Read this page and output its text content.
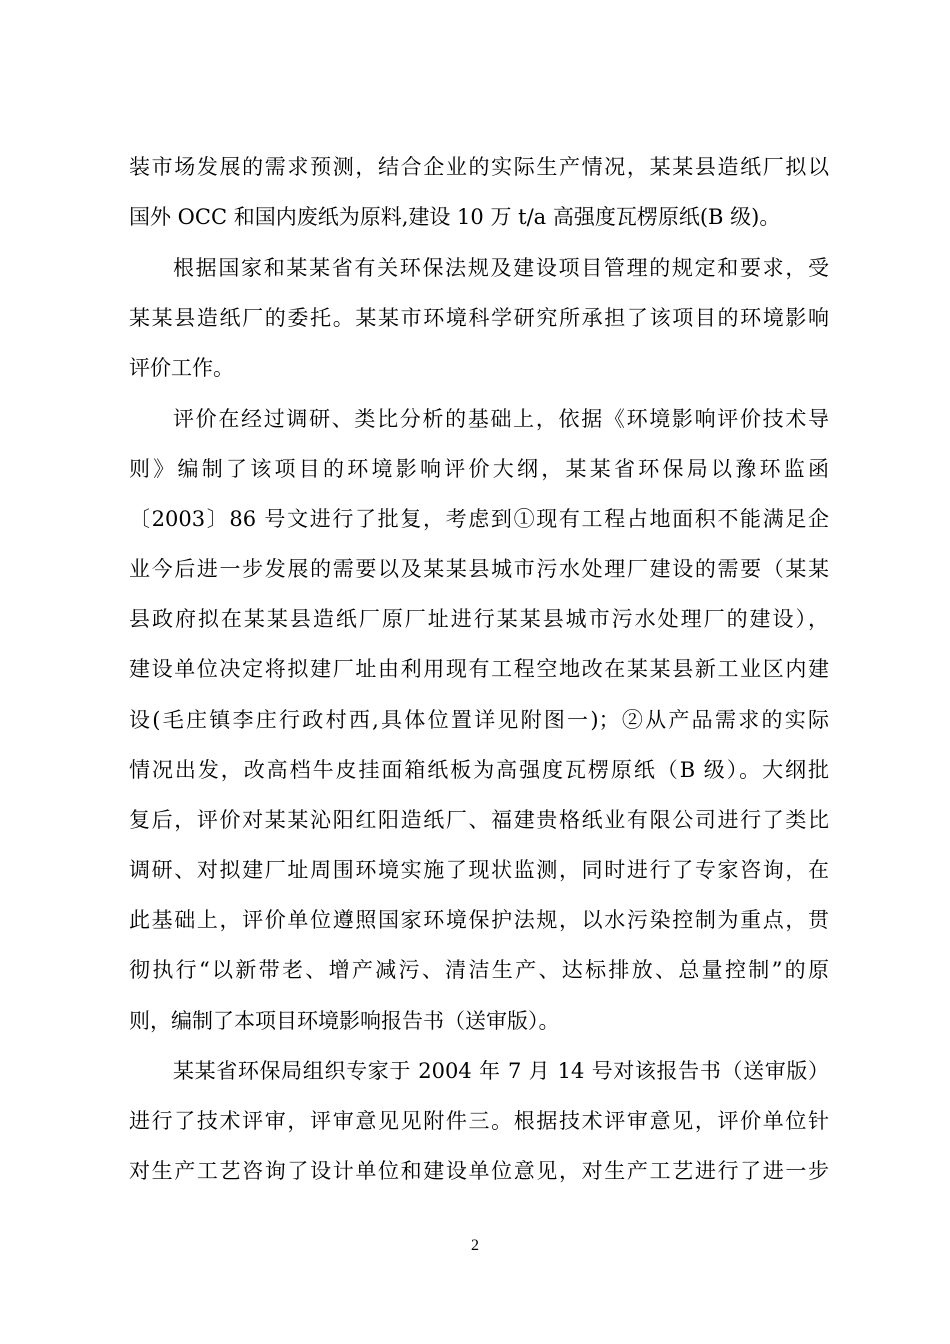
装市场发展的需求预测，结合企业的实际生产情况，某某县造纸厂拟以
国外 OCC 和国内废纸为原料,建设 10 万 t/a 高强度瓦楞原纸(B 级)。
根据国家和某某省有关环保法规及建设项目管理的规定和要求，受
某某县造纸厂的委托。某某市环境科学研究所承担了该项目的环境影响
评价工作。
评价在经过调研、类比分析的基础上，依据《环境影响评价技术导
则》编制了该项目的环境影响评价大纲，某某省环保局以豫环监函
〔2003〕86 号文进行了批复，考虑到①现有工程占地面积不能满足企
业今后进一步发展的需要以及某某县城市污水处理厂建设的需要（某某
县政府拟在某某县造纸厂原厂址进行某某县城市污水处理厂的建设），
建设单位决定将拟建厂址由利用现有工程空地改在某某县新工业区内建
设(毛庄镇李庄行政村西,具体位置详见附图一)；②从产品需求的实际
情况出发，改高档牛皮挂面箱纸板为高强度瓦楞原纸（B 级）。大纲批
复后，评价对某某沁阳红阳造纸厂、福建贵格纸业有限公司进行了类比
调研、对拟建厂址周围环境实施了现状监测，同时进行了专家咨询，在
此基础上，评价单位遵照国家环境保护法规，以水污染控制为重点，贯
彻执行“以新带老、增产减污、清洁生产、达标排放、总量控制”的原
则，编制了本项目环境影响报告书（送审版）。
某某省环保局组织专家于 2004 年 7 月 14 号对该报告书（送审版）
进行了技术评审，评审意见见附件三。根据技术评审意见，评价单位针
对生产工艺咨询了设计单位和建设单位意见，对生产工艺进行了进一步
2
